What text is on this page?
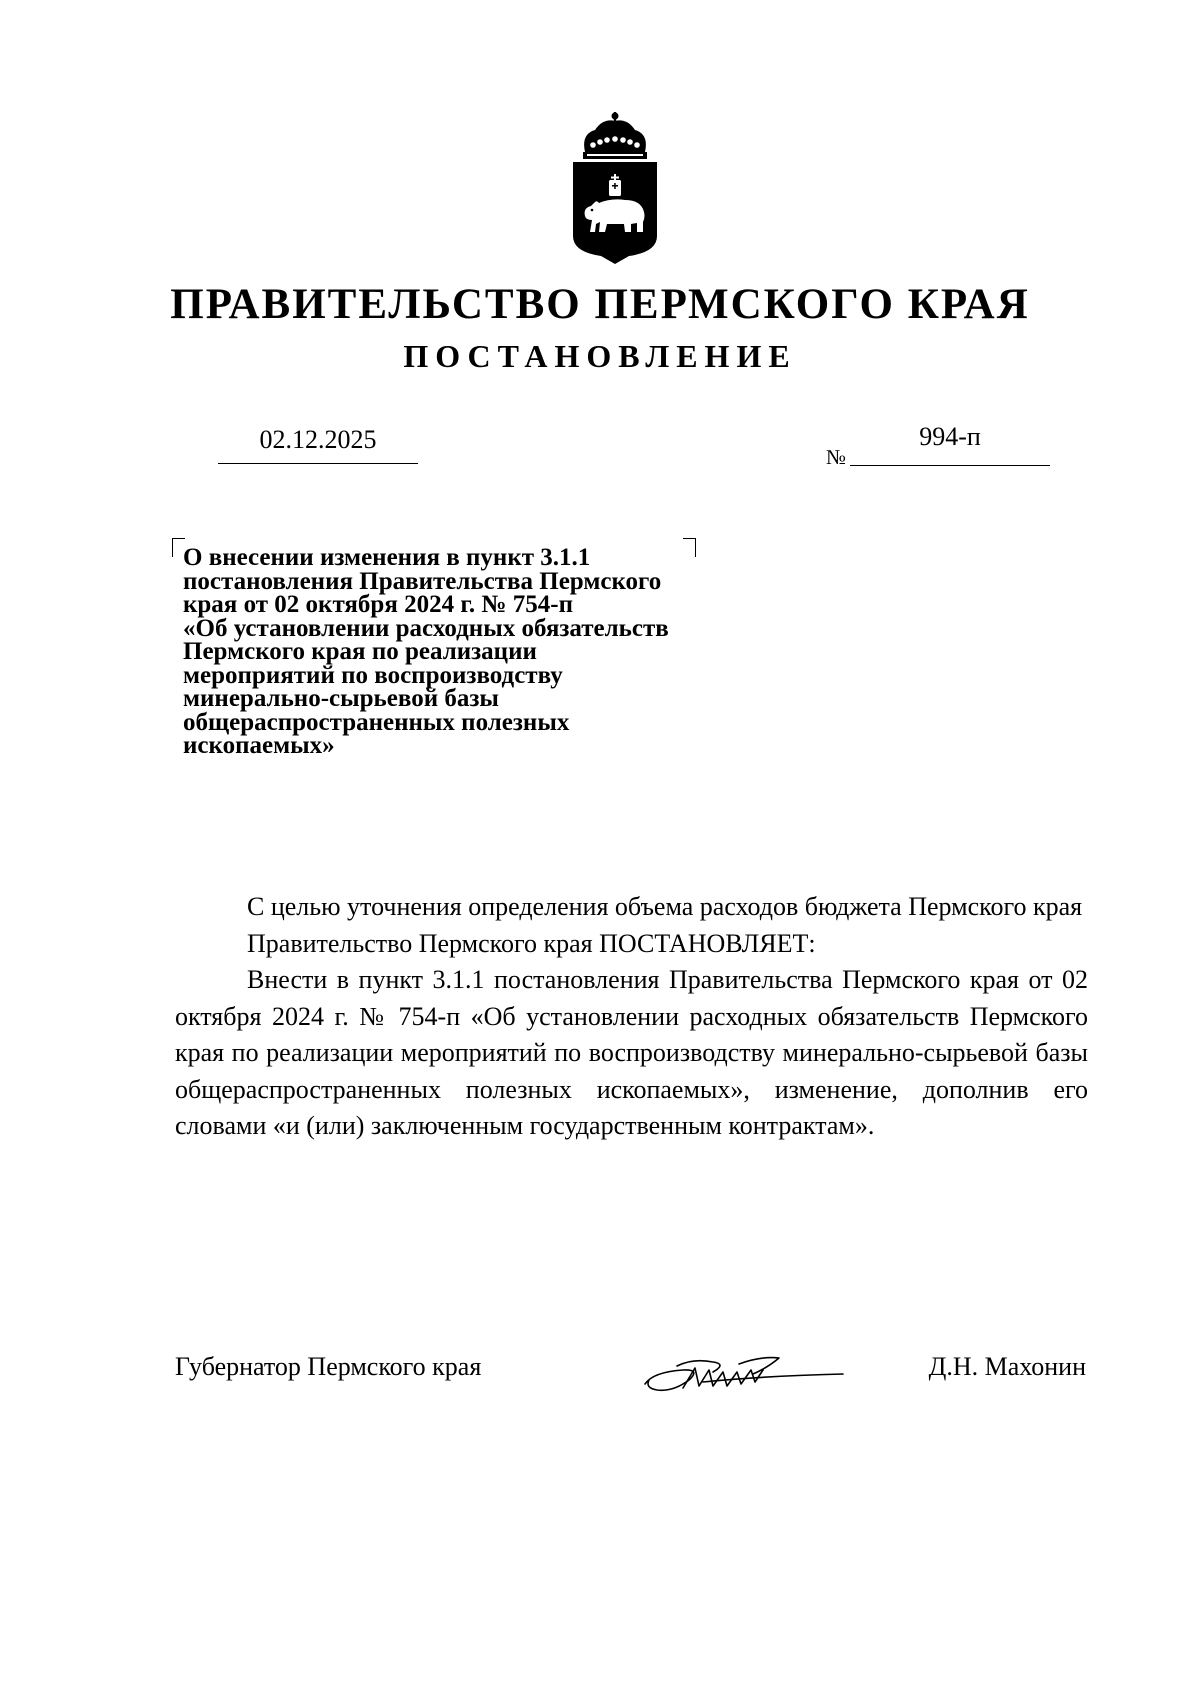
ПРАВИТЕЛЬСТВО ПЕРМСКОГО КРАЯ
ПОСТАНОВЛЕНИЕ
02.12.2025
№
994-п
О внесении изменения в пункт 3.1.1
постановления Правительства Пермского
края от 02 октября 2024 г. № 754-п
«Об установлении расходных обязательств
Пермского края по реализации
мероприятий по воспроизводству
минерально-сырьевой базы
общераспространенных полезных
ископаемых»

С целью уточнения определения объема расходов бюджета Пермского края

Правительство Пермского края ПОСТАНОВЛЯЕТ:

Внести в пункт 3.1.1 постановления Правительства Пермского края от 02 октября 2024 г. № 754-п «Об установлении расходных обязательств Пермского края по реализации мероприятий по воспроизводству минерально-сырьевой базы общераспространенных полезных ископаемых», изменение, дополнив его словами «и (или) заключенным государственным контрактам».

Губернатор Пермского края	Д.Н. Махонин
